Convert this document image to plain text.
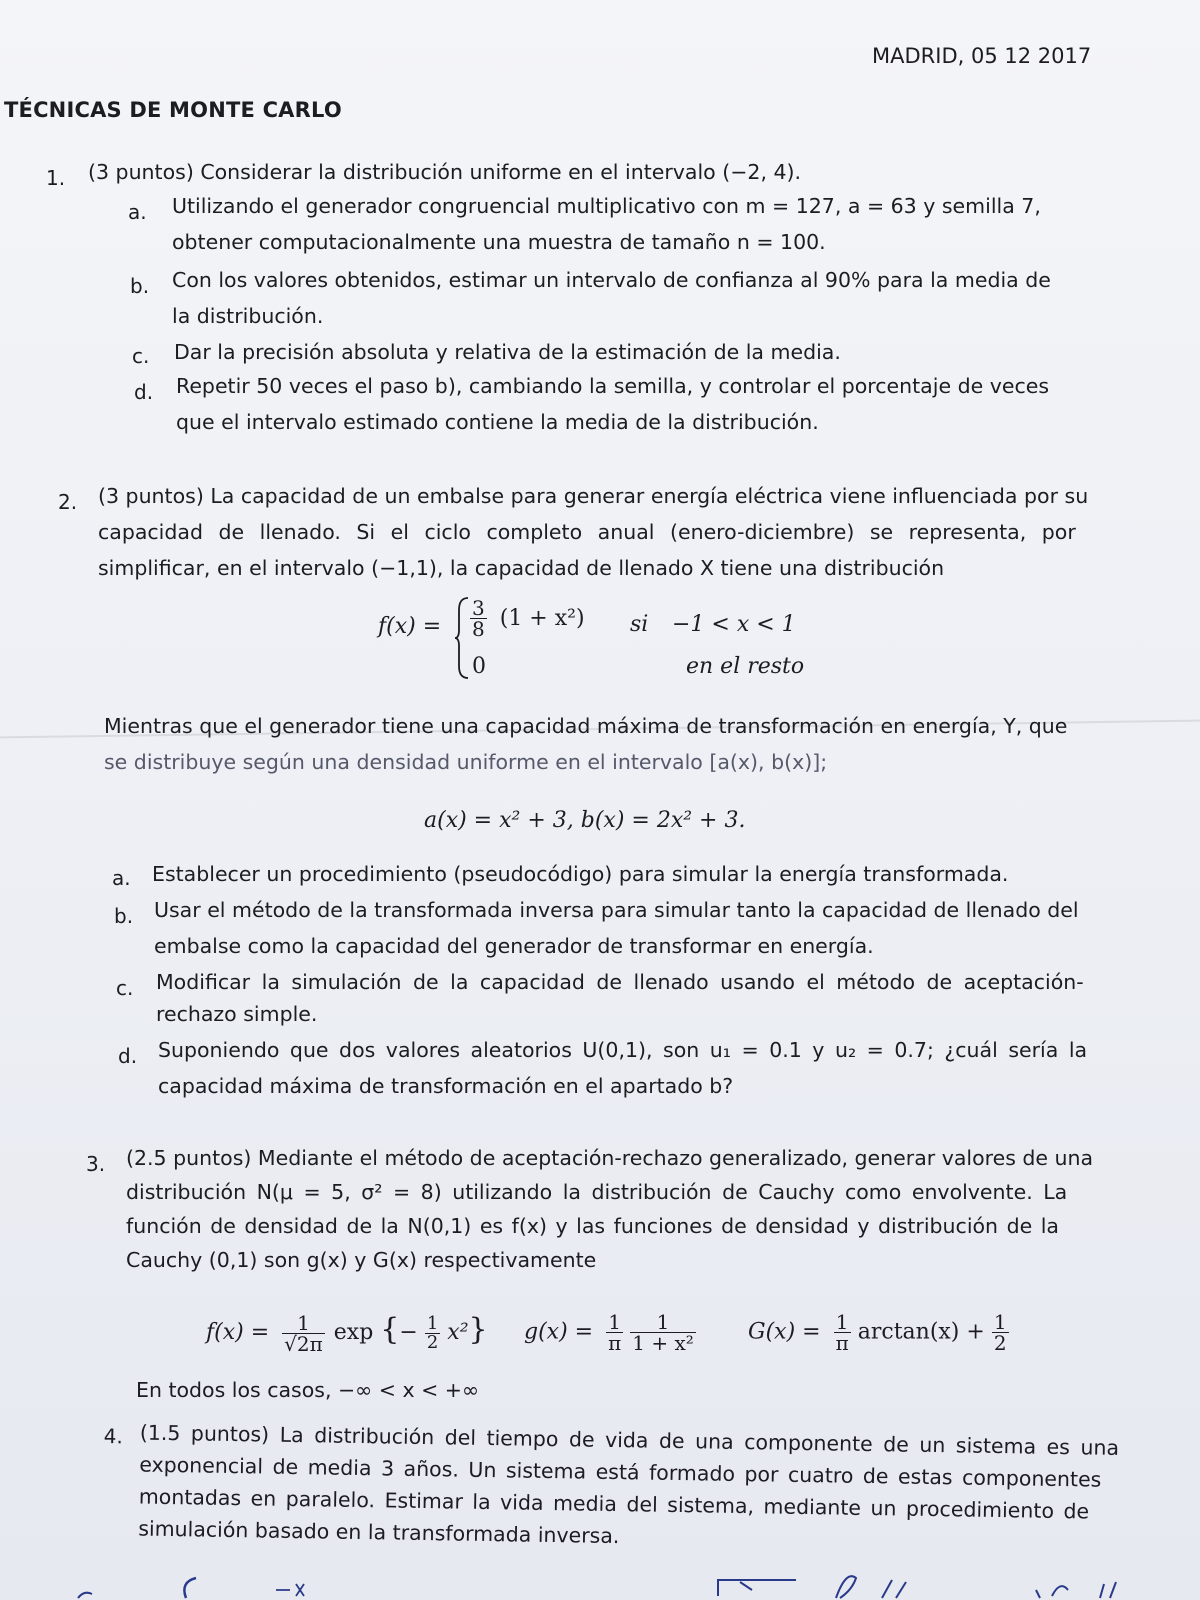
MADRID, 05 12 2017
TÉCNICAS DE MONTE CARLO
1. (3 puntos) Considerar la distribución uniforme en el intervalo (−2, 4).
a. Utilizando el generador congruencial multiplicativo con m = 127, a = 63 y semilla 7,
obtener computacionalmente una muestra de tamaño n = 100.
b. Con los valores obtenidos, estimar un intervalo de confianza al 90% para la media de
la distribución.
c. Dar la precisión absoluta y relativa de la estimación de la media.
d. Repetir 50 veces el paso b), cambiando la semilla, y controlar el porcentaje de veces
que el intervalo estimado contiene la media de la distribución.
2. (3 puntos) La capacidad de un embalse para generar energía eléctrica viene influenciada por su
capacidad de llenado. Si el ciclo completo anual (enero-diciembre) se representa, por
simplificar, en el intervalo (−1,1), la capacidad de llenado X tiene una distribución
$f(x) = \frac{3}{8} (1 + x^2)$ si −1 < x < 1
0	en el resto
Mientras que el generador tiene una capacidad máxima de transformación en energía, Y, que
se distribuye según una densidad uniforme en el intervalo [a(x), b(x)];
a(x) = x² + 3, b(x) = 2x² + 3.
a. Establecer un procedimiento (pseudocódigo) para simular la energía transformada.
b. Usar el método de la transformada inversa para simular tanto la capacidad de llenado del
embalse como la capacidad del generador de transformar en energía.
c. Modificar la simulación de la capacidad de llenado usando el método de aceptación-
rechazo simple.
d. Suponiendo que dos valores aleatorios U(0,1), son u₁ = 0.1 y u₂ = 0.7; ¿cuál sería la
capacidad máxima de transformación en el apartado b?
3. (2.5 puntos) Mediante el método de aceptación-rechazo generalizado, generar valores de una
distribución N(μ = 5, σ² = 8) utilizando la distribución de Cauchy como envolvente. La
función de densidad de la N(0,1) es f(x) y las funciones de densidad y distribución de la
Cauchy (0,1) son g(x) y G(x) respectivamente
$f(x) = \frac{1}{√2\pi}$ exp {− $\frac{1}{2} x^2$} $g(x) = \frac{1}{\pi}$
$\frac{1}{\text{1 + x²}} G(x) = \frac{1}{\pi} \arctan(x) + \frac{1}{2}$
En todos los casos, −∞ < x < +∞
4. (1.5 puntos) La distribución del tiempo de vida de una componente de un sistema es una
exponencial de media 3 años. Un sistema está formado por cuatro de estas componentes
montadas en paralelo. Estimar la vida media del sistema, mediante un procedimiento de
simulación basado en la transformada inversa.
